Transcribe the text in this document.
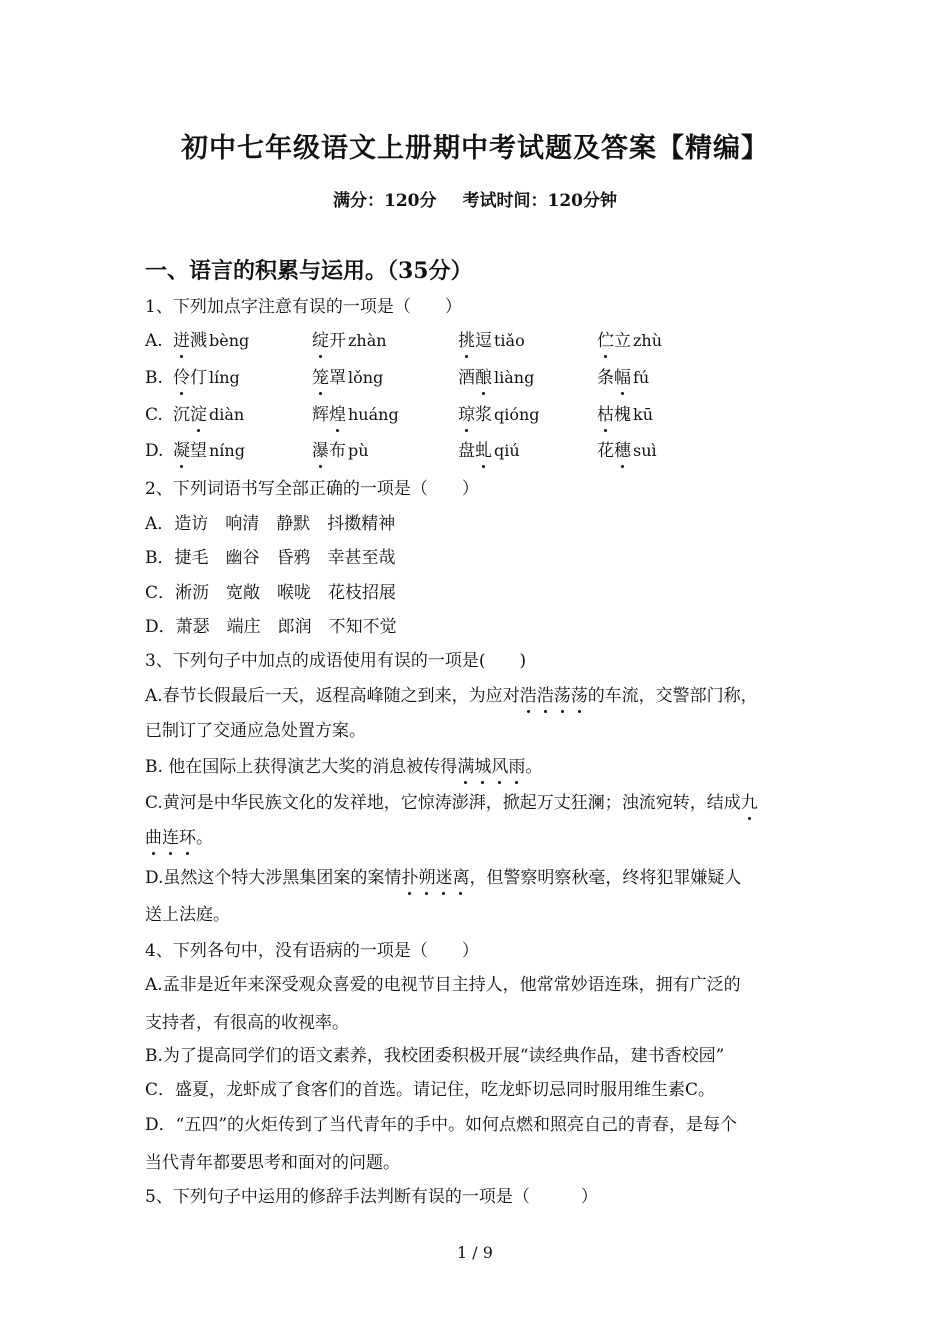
初中七年级语文上册期中考试题及答案【精编】
满分：120分 考试时间：120分钟
一、语言的积累与运用。（35分）
1、下列加点字注意有误的一项是（　　）
A. 迸溅 bèng	绽开 zhàn	挑逗 tiǎo	伫立 zhù
B. 伶仃 líng	笼罩 lǒng	酒酿 liàng	条幅 fú
C. 沉淀 diàn	辉煌 huáng	琼浆 qióng	枯槐 kū
D. 凝望 níng	瀑布 pù	盘虬 qiú	花穗 suì
2、下列词语书写全部正确的一项是（　　）
A．造访　响清　静默　抖擞精神
B．捷毛　幽谷　昏鸦　幸甚至哉
C．淅沥　宽敞　喉咙　花枝招展
D．萧瑟　端庄　郎润　不知不觉
3、下列句子中加点的成语使用有误的一项是(　　)
A.春节长假最后一天，返程高峰随之到来，为应对浩浩荡荡的车流，交警部门称，
已制订了交通应急处置方案。
B. 他在国际上获得演艺大奖的消息被传得满城风雨。
C.黄河是中华民族文化的发祥地，它惊涛澎湃，掀起万丈狂澜；浊流宛转，结成九
曲连环。
D.虽然这个特大涉黑集团案的案情扑朔迷离，但警察明察秋毫，终将犯罪嫌疑人
送上法庭。
4、下列各句中，没有语病的一项是（　　）
A.孟非是近年来深受观众喜爱的电视节目主持人，他常常妙语连珠，拥有广泛的
支持者，有很高的收视率。
B.为了提高同学们的语文素养，我校团委积极开展“读经典作品，建书香校园”
C．盛夏，龙虾成了食客们的首选。请记住，吃龙虾切忌同时服用维生素C。
D．“五四”的火炬传到了当代青年的手中。如何点燃和照亮自己的青春，是每个
当代青年都要思考和面对的问题。
5、下列句子中运用的修辞手法判断有误的一项是（　　　）
1 / 9
